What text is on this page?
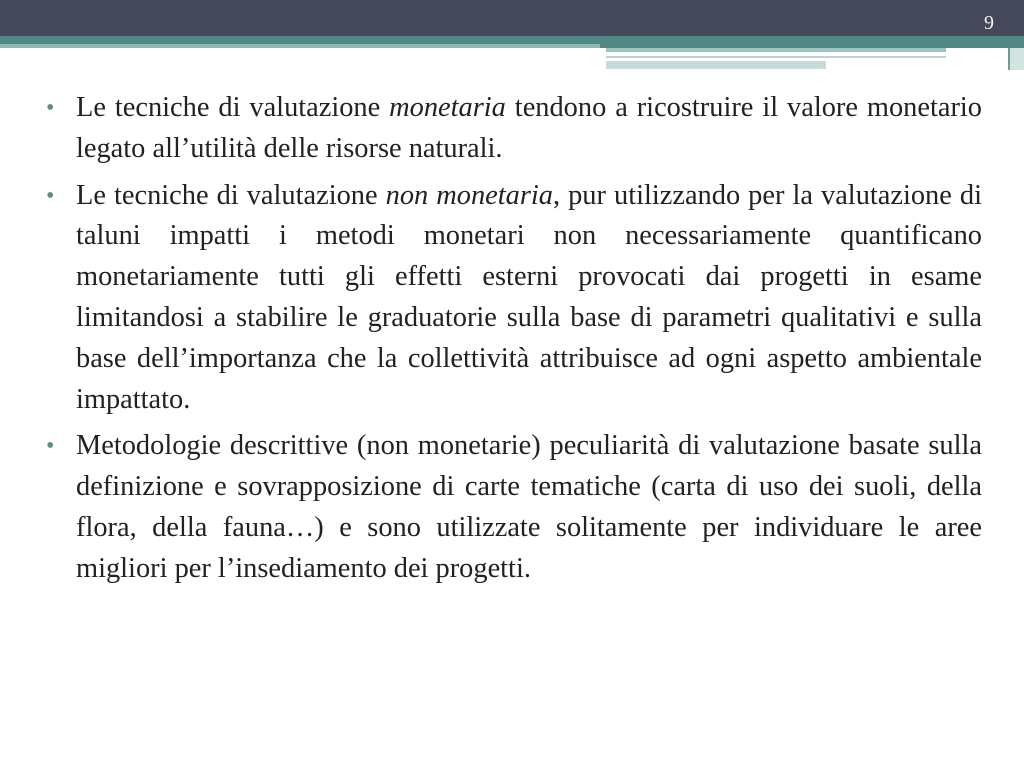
9
• Le tecniche di valutazione monetaria tendono a ricostruire il valore monetario legato all’utilità delle risorse naturali.
• Le tecniche di valutazione non monetaria, pur utilizzando per la valutazione di taluni impatti i metodi monetari non necessariamente quantificano monetariamente tutti gli effetti esterni provocati dai progetti in esame limitandosi a stabilire le graduatorie sulla base di parametri qualitativi e sulla base dell’importanza che la collettività attribuisce ad ogni aspetto ambientale impattato.
• Metodologie descrittive (non monetarie) peculiarità di valutazione basate sulla definizione e sovrapposizione di carte tematiche (carta di uso dei suoli, della flora, della fauna…) e sono utilizzate solitamente per individuare le aree migliori per l’insediamento dei progetti.
